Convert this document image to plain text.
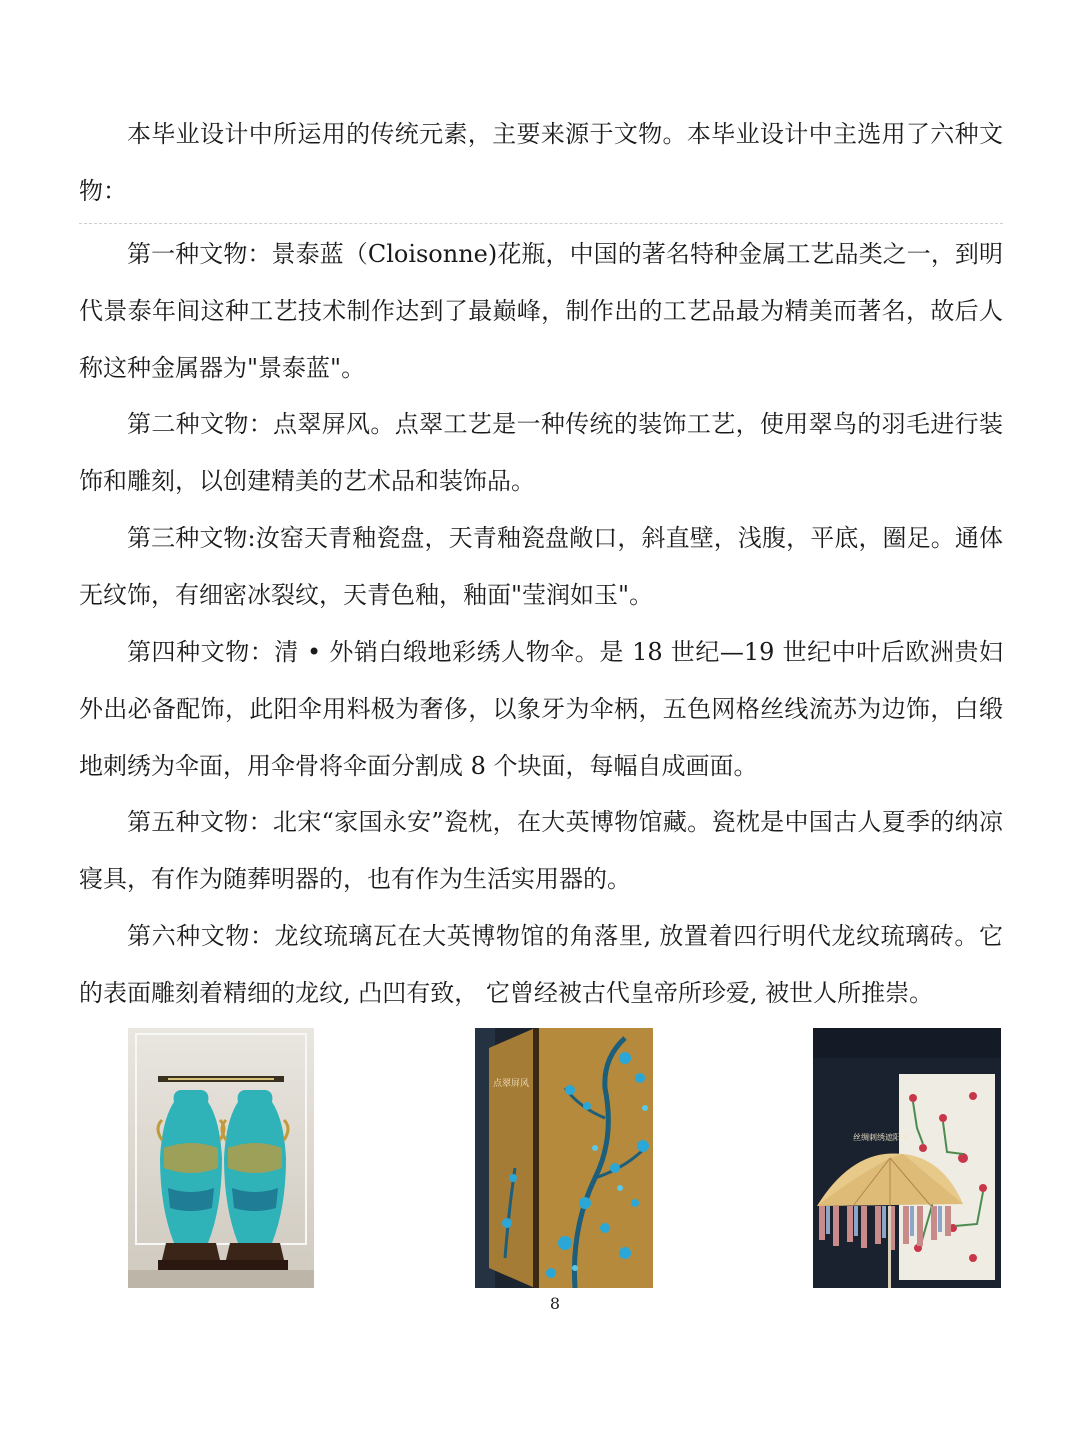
本毕业设计中所运用的传统元素，主要来源于文物。本毕业设计中主选用了六种文物：

第一种文物：景泰蓝（Cloisonne)花瓶，中国的著名特种金属工艺品类之一，到明代景泰年间这种工艺技术制作达到了最巅峰，制作出的工艺品最为精美而著名，故后人称这种金属器为"景泰蓝"。

第二种文物：点翠屏风。点翠工艺是一种传统的装饰工艺，使用翠鸟的羽毛进行装饰和雕刻，以创建精美的艺术品和装饰品。

第三种文物:汝窑天青釉瓷盘，天青釉瓷盘敞口，斜直壁，浅腹，平底，圈足。通体无纹饰，有细密冰裂纹，天青色釉，釉面"莹润如玉"。

第四种文物：清 • 外销白缎地彩绣人物伞。是 18 世纪—19 世纪中叶后欧洲贵妇外出必备配饰，此阳伞用料极为奢侈，以象牙为伞柄，五色网格丝线流苏为边饰，白缎地刺绣为伞面，用伞骨将伞面分割成 8 个块面，每幅自成画面。

第五种文物：北宋“家国永安”瓷枕，在大英博物馆藏。瓷枕是中国古人夏季的纳凉寝具，有作为随葬明器的，也有作为生活实用器的。

第六种文物：龙纹琉璃瓦在大英博物馆的角落里, 放置着四行明代龙纹琉璃砖。它的表面雕刻着精细的龙纹, 凸凹有致， 它曾经被古代皇帝所珍爱, 被世人所推崇。

点翠屏风
丝绸刺绣遮阳伞
8
